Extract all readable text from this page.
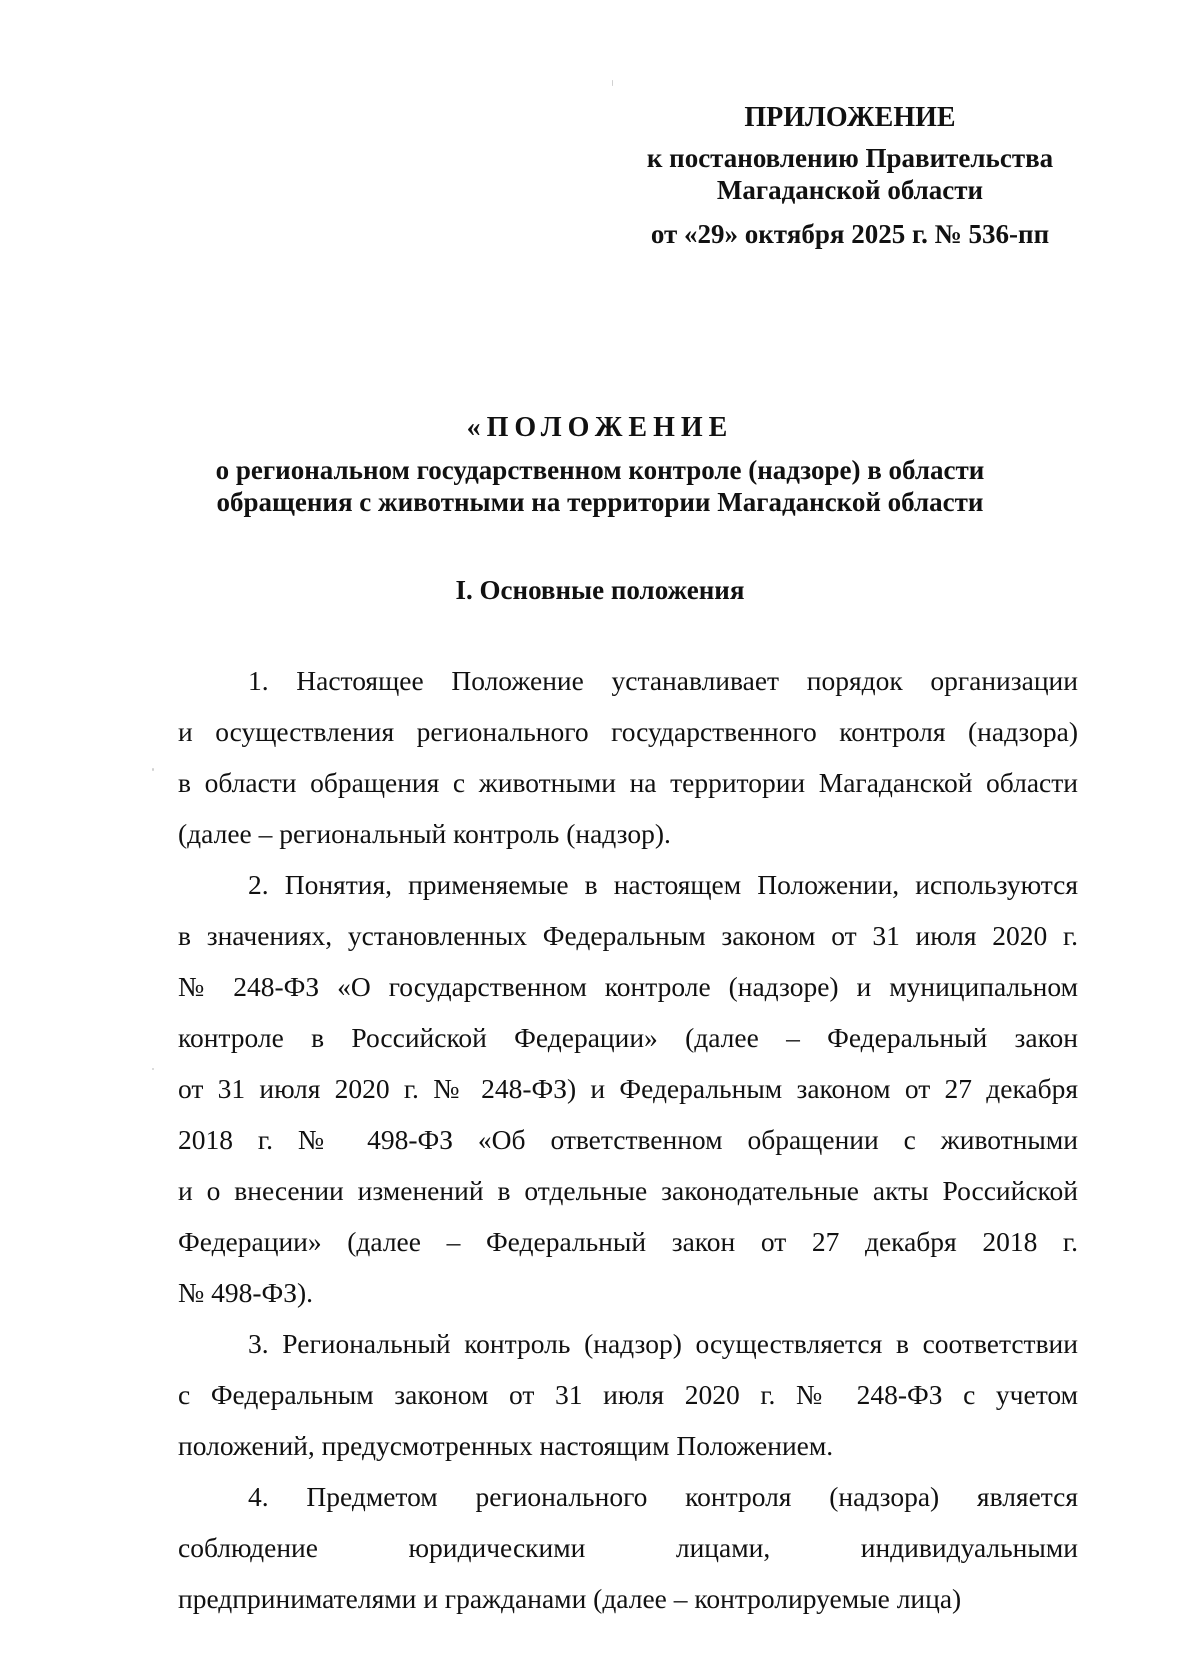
ПРИЛОЖЕНИЕ
к постановлению Правительства
Магаданской области
от «29» октября 2025 г. № 536-пп
«ПОЛОЖЕНИЕ
о региональном государственном контроле (надзоре) в области
обращения с животными на территории Магаданской области
I. Основные положения
1. Настоящее Положение устанавливает порядок организации
и осуществления регионального государственного контроля (надзора)
в области обращения с животными на территории Магаданской области
(далее – региональный контроль (надзор).
2. Понятия, применяемые в настоящем Положении, используются
в значениях, установленных Федеральным законом от 31 июля 2020 г.
№ 248-ФЗ «О государственном контроле (надзоре) и муниципальном
контроле в Российской Федерации» (далее – Федеральный закон
от 31 июля 2020 г. № 248-ФЗ) и Федеральным законом от 27 декабря
2018 г. № 498-ФЗ «Об ответственном обращении с животными
и о внесении изменений в отдельные законодательные акты Российской
Федерации» (далее – Федеральный закон от 27 декабря 2018 г.
№ 498-ФЗ).
3. Региональный контроль (надзор) осуществляется в соответствии
с Федеральным законом от 31 июля 2020 г. № 248-ФЗ с учетом
положений, предусмотренных настоящим Положением.
4. Предметом регионального контроля (надзора) является
соблюдение юридическими лицами, индивидуальными
предпринимателями и гражданами (далее – контролируемые лица)
